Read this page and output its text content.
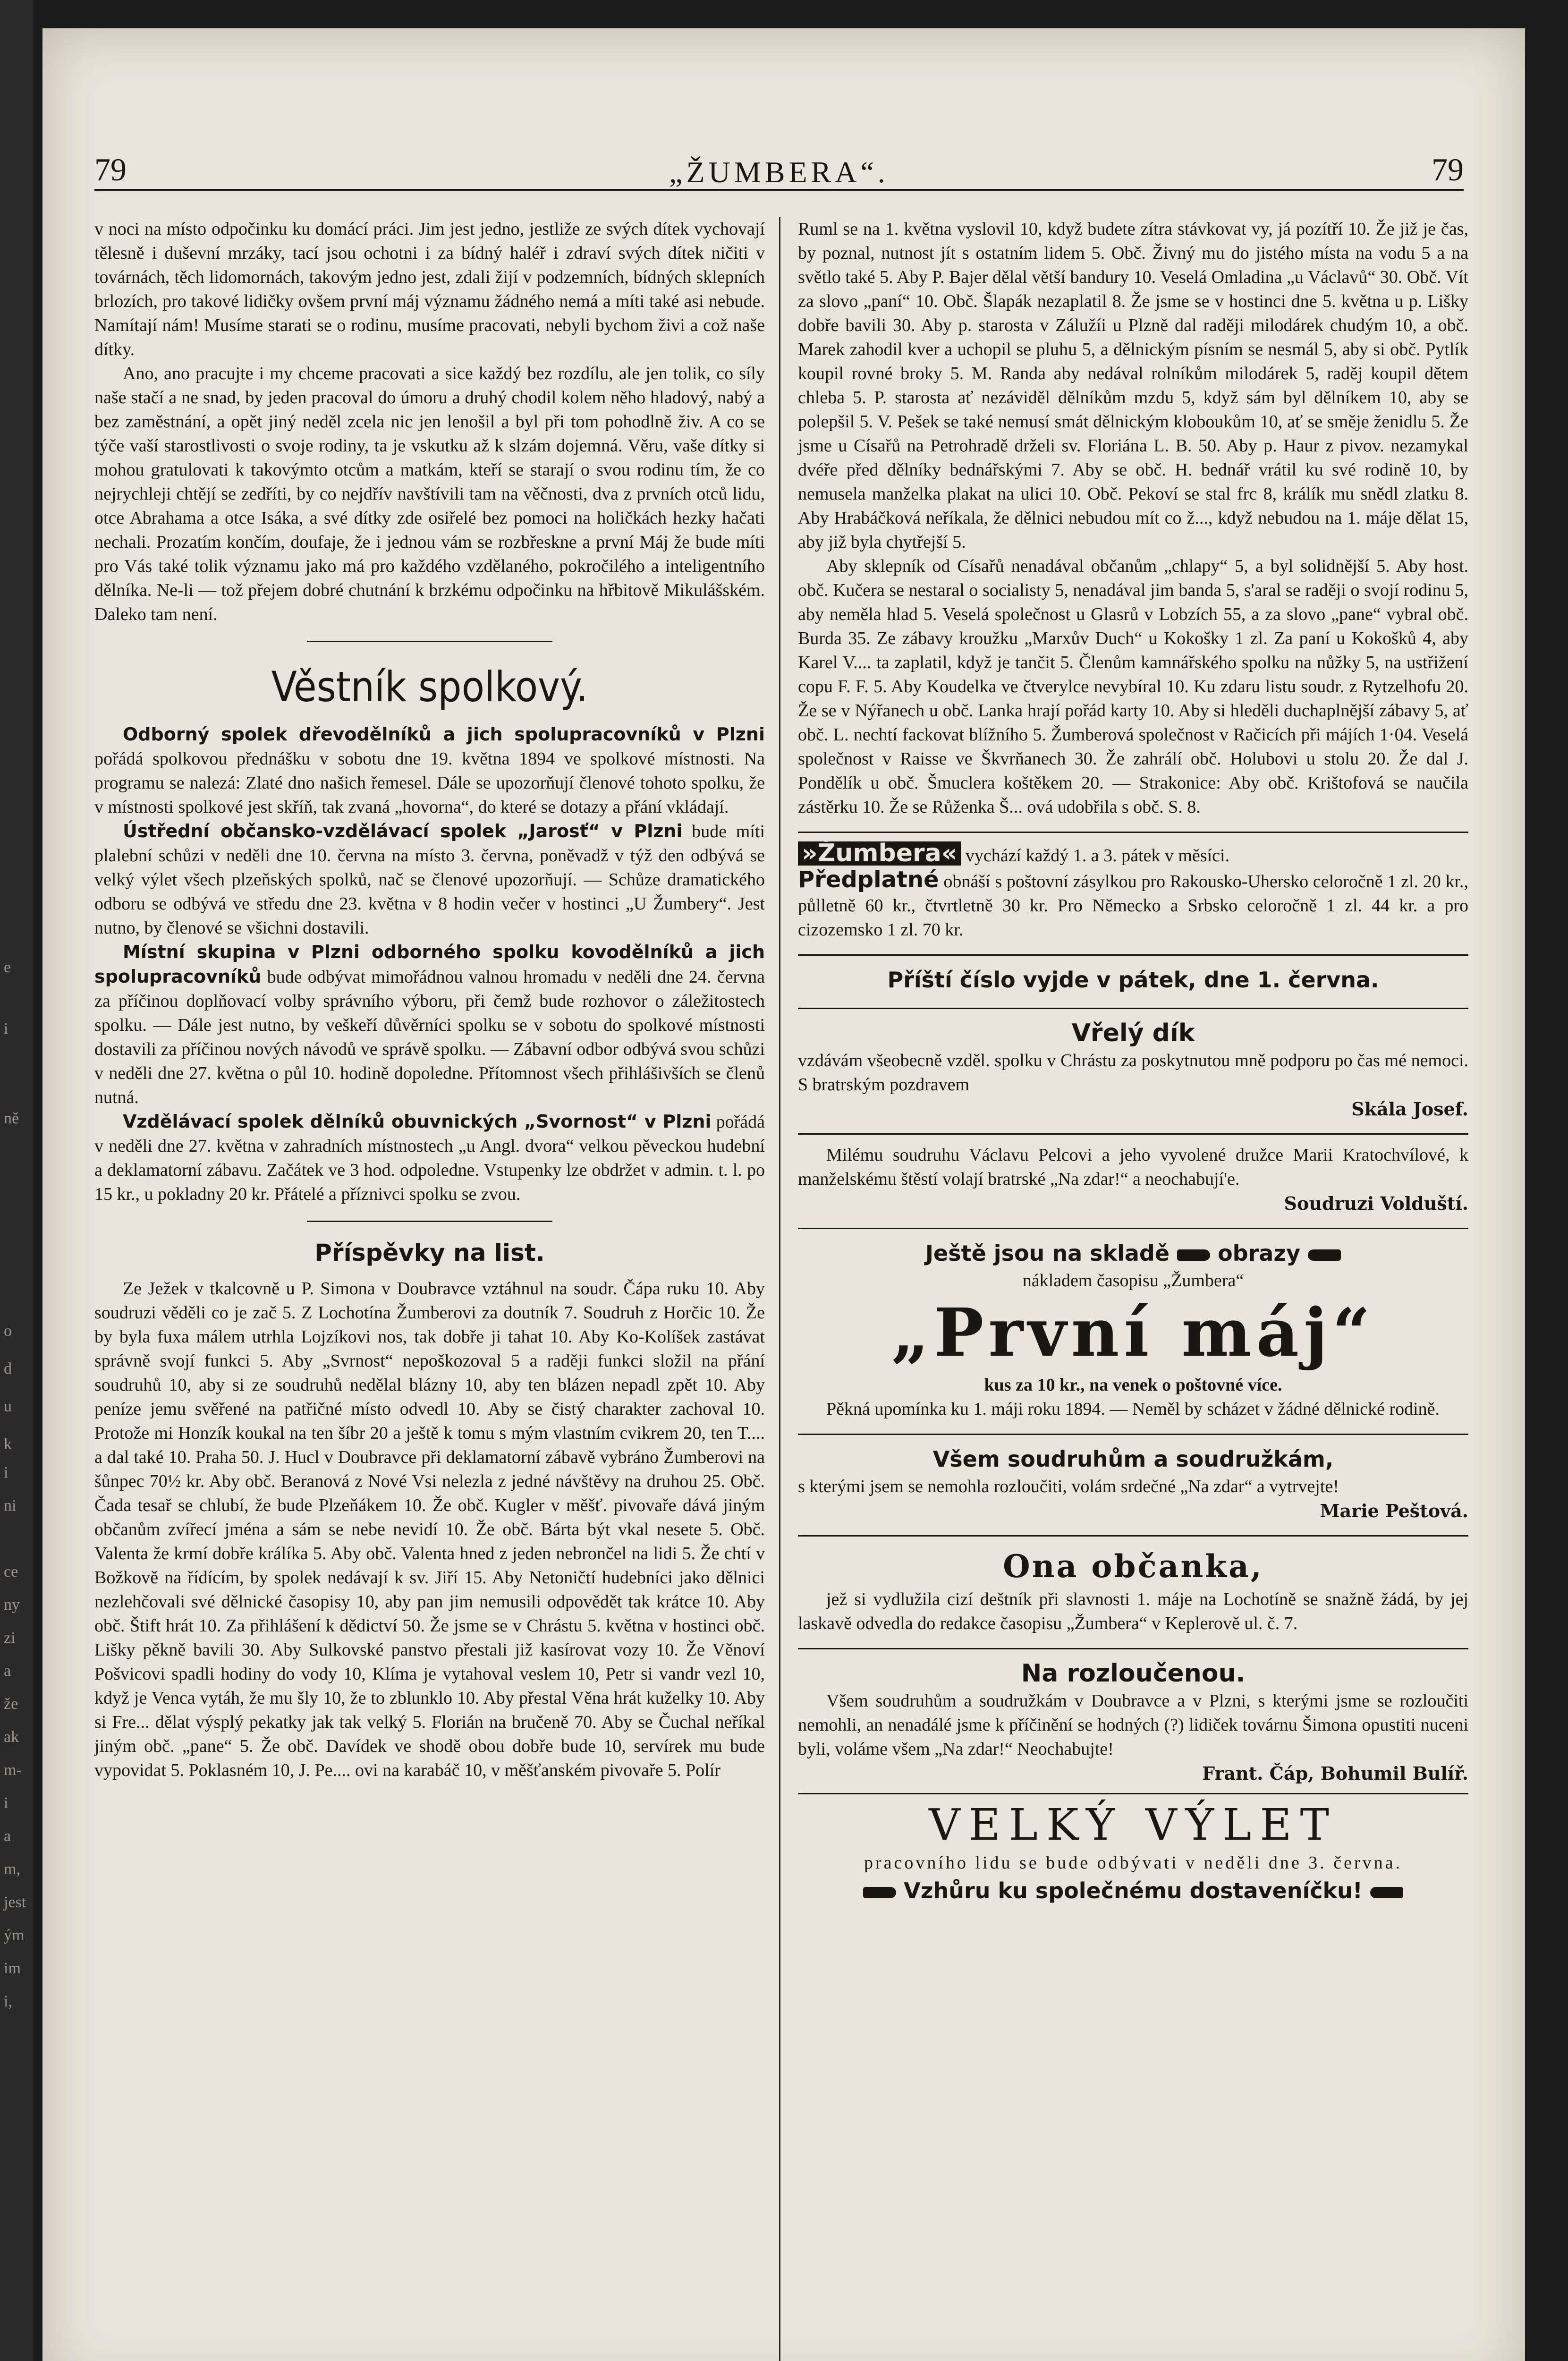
e
i
ně
o
d
u
k
i
ni
ce
ny
zi
a
že
ak
m-
i
a
m,
jest
ým
im
i,
79	„ŽUMBERA“.	79

v noci na místo odpočinku ku domácí práci. Jim jest jedno, jestliže ze svých dítek vychovají tělesně i duševní mrzáky, tací jsou ochotni i za bídný haléř i zdraví svých dítek ničiti v továrnách, těch lidomornách, takovým jedno jest, zdali žijí v podzemních, bídných sklepních brlozích, pro takové lidičky ovšem první máj významu žádného nemá a míti také asi nebude. Namítají nám! Musíme starati se o rodinu, musíme pracovati, nebyli bychom živi a což naše dítky.

Ano, ano pracujte i my chceme pracovati a sice každý bez rozdílu, ale jen tolik, co síly naše stačí a ne snad, by jeden pracoval do úmoru a druhý chodil kolem něho hladový, nabý a bez zaměstnání, a opět jiný neděl zcela nic jen lenošil a byl při tom pohodlně živ. A co se týče vaší starostlivosti o svoje rodiny, ta je vskutku až k slzám dojemná. Věru, vaše dítky si mohou gratulovati k takovýmto otcům a matkám, kteří se starají o svou rodinu tím, že co nejrychleji chtějí se zedříti, by co nejdřív navštívili tam na věčnosti, dva z prvních otců lidu, otce Abrahama a otce Isáka, a své dítky zde osiřelé bez pomoci na holičkách hezky hačati nechali. Prozatím končím, doufaje, že i jednou vám se rozbřeskne a první Máj že bude míti pro Vás také tolik významu jako má pro každého vzdělaného, pokročilého a inteligentního dělníka. Ne-li — tož přejem dobré chutnání k brzkému odpočinku na hřbitově Mikulášském. Daleko tam není.

Věstník spolkový.

Odborný spolek dřevodělníků a jich spolupracovníků v Plzni pořádá spolkovou přednášku v sobotu dne 19. května 1894 ve spolkové místnosti. Na programu se nalezá: Zlaté dno našich řemesel. Dále se upozorňují členové tohoto spolku, že v místnosti spolkové jest skříň, tak zvaná „hovorna“, do které se dotazy a přání vkládají.

Ústřední občansko-vzdělávací spolek „Jarosť“ v Plzni bude míti plalební schůzi v neděli dne 10. června na místo 3. června, poněvadž v týž den odbývá se velký výlet všech plzeňských spolků, nač se členové upozorňují. — Schůze dramatického odboru se odbývá ve středu dne 23. května v 8 hodin večer v hostinci „U Žumbery“. Jest nutno, by členové se všichni dostavili.

Místní skupina v Plzni odborného spolku kovodělníků a jich spolupracovníků bude odbývat mimořádnou valnou hromadu v neděli dne 24. června za příčinou doplňovací volby správního výboru, při čemž bude rozhovor o záležitostech spolku. — Dále jest nutno, by veškeří důvěrníci spolku se v sobotu do spolkové místnosti dostavili za příčinou nových návodů ve správě spolku. — Zábavní odbor odbývá svou schůzi v neděli dne 27. května o půl 10. hodině dopoledne. Přítomnost všech přihlášivších se členů nutná.

Vzdělávací spolek dělníků obuvnických „Svornost“ v Plzni pořádá v neděli dne 27. května v zahradních místnostech „u Angl. dvora“ velkou pěveckou hudební a deklamatorní zábavu. Začátek ve 3 hod. odpoledne. Vstupenky lze obdržet v admin. t. l. po 15 kr., u pokladny 20 kr. Přátelé a příznivci spolku se zvou.

Příspěvky na list.

Ze Ježek v tkalcovně u P. Simona v Doubravce vztáhnul na soudr. Čápa ruku 10. Aby soudruzi věděli co je zač 5. Z Lochotína Žumberovi za doutník 7. Soudruh z Horčic 10. Že by byla fuxa málem utrhla Lojzíkovi nos, tak dobře ji tahat 10. Aby Ko-Kolíšek zastávat správně svojí funkci 5. Aby „Svrnost“ nepoškozoval 5 a raději funkci složil na přání soudruhů 10, aby si ze soudruhů nedělal blázny 10, aby ten blázen nepadl zpět 10. Aby peníze jemu svěřené na patřičné místo odvedl 10. Aby se čistý charakter zachoval 10. Protože mi Honzík koukal na ten šíbr 20 a ještě k tomu s mým vlastním cvikrem 20, ten T.... a dal také 10. Praha 50. J. Hucl v Doubravce při deklamatorní zábavě vybráno Žumberovi na šůnpec 70½ kr. Aby obč. Beranová z Nové Vsi nelezla z jedné návštěvy na druhou 25. Obč. Čada tesař se chlubí, že bude Plzeňákem 10. Že obč. Kugler v měšť. pivovaře dává jiným občanům zvířecí jména a sám se nebe nevidí 10. Že obč. Bárta být vkal nesete 5. Obč. Valenta že krmí dobře králíka 5. Aby obč. Valenta hned z jeden nebrončel na lidi 5. Že chtí v Božkově na řídícím, by spolek nedávají k sv. Jiří 15. Aby Netoničtí hudebníci jako dělnici nezlehčovali své dělnické časopisy 10, aby pan jim nemusili odpovědět tak krátce 10. Aby obč. Štift hrát 10. Za přihlášení k dědictví 50. Že jsme se v Chrástu 5. května v hostinci obč. Lišky pěkně bavili 30. Aby Sulkovské panstvo přestali již kasírovat vozy 10. Že Věnoví Pošvicovi spadli hodiny do vody 10, Klíma je vytahoval veslem 10, Petr si vandr vezl 10, když je Venca vytáh, že mu šly 10, že to zblunklo 10. Aby přestal Věna hrát kuželky 10. Aby si Fre... dělat výsplý pekatky jak tak velký 5. Florián na bručeně 70. Aby se Čuchal neříkal jiným obč. „pane“ 5. Že obč. Davídek ve shodě obou dobře bude 10, servírek mu bude vypovidat 5. Poklasném 10, J. Pe.... ovi na karabáč 10, v měšťanském pivovaře 5. Polír

Ruml se na 1. května vyslovil 10, když budete zítra stávkovat vy, já pozítří 10. Že již je čas, by poznal, nutnost jít s ostatním lidem 5. Obč. Živný mu do jistého místa na vodu 5 a na světlo také 5. Aby P. Bajer dělal větší bandury 10. Veselá Omladina „u Václavů“ 30. Obč. Vít za slovo „paní“ 10. Obč. Šlapák nezaplatil 8. Že jsme se v hostinci dne 5. května u p. Lišky dobře bavili 30. Aby p. starosta v Zálužíi u Plzně dal raději milodárek chudým 10, a obč. Marek zahodil kver a uchopil se pluhu 5, a dělnickým písním se nesmál 5, aby si obč. Pytlík koupil rovné broky 5. M. Randa aby nedával rolníkům milodárek 5, raděj koupil dětem chleba 5. P. starosta ať nezáviděl dělníkům mzdu 5, když sám byl dělníkem 10, aby se polepšil 5. V. Pešek se také nemusí smát dělnickým kloboukům 10, ať se směje ženidlu 5. Že jsme u Císařů na Petrohradě drželi sv. Floriána L. B. 50. Aby p. Haur z pivov. nezamykal dvéře před dělníky bednářskými 7. Aby se obč. H. bednář vrátil ku své rodině 10, by nemusela manželka plakat na ulici 10. Obč. Pekoví se stal frc 8, králík mu snědl zlatku 8. Aby Hrabáčková neříkala, že dělnici nebudou mít co ž..., když nebudou na 1. máje dělat 15, aby již byla chytřejší 5.

Aby sklepník od Císařů nenadával občanům „chlapy“ 5, a byl solidnější 5. Aby host. obč. Kučera se nestaral o socialisty 5, nenadával jim banda 5, s'aral se raději o svojí rodinu 5, aby neměla hlad 5. Veselá společnost u Glasrů v Lobzích 55, a za slovo „pane“ vybral obč. Burda 35. Ze zábavy kroužku „Marxův Duch“ u Kokošky 1 zl. Za paní u Kokošků 4, aby Karel V.... ta zaplatil, když je tančit 5. Členům kamnářského spolku na nůžky 5, na ustřižení copu F. F. 5. Aby Koudelka ve čtverylce nevybíral 10. Ku zdaru listu soudr. z Rytzelhofu 20. Že se v Nýřanech u obč. Lanka hrají pořád karty 10. Aby si hleděli duchaplnější zábavy 5, ať obč. L. nechtí fackovat blížního 5. Žumberová společnost v Račicích při májích 1·04. Veselá společnost v Raisse ve Škvrňanech 30. Že zahrálí obč. Holubovi u stolu 20. Že dal J. Pondělík u obč. Šmuclera koštěkem 20. — Strakonice: Aby obč. Krištofová se naučila zástěrku 10. Že se Růženka Š... ová udobřila s obč. S. 8.

»Žumbera« vychází každý 1. a 3. pátek v měsíci.

Předplatné obnáší s poštovní zásylkou pro Rakousko-Uhersko celoročně 1 zl. 20 kr., půlletně 60 kr., čtvrtletně 30 kr. Pro Německo a Srbsko celoročně 1 zl. 44 kr. a pro cizozemsko 1 zl. 70 kr.

Příští číslo vyjde v pátek, dne 1. června.
Vřelý dík

vzdávám všeobecně vzděl. spolku v Chrástu za poskytnutou mně podporu po čas mé nemoci. S bratrským pozdravem

Skála Josef.

Milému soudruhu Václavu Pelcovi a jeho vyvolené družce Marii Kratochvílové, k manželskému štěstí volají bratrské „Na zdar!“ a neochabují'e.

Soudruzi Volduští.
Ještě jsou na skladě obrazy
nákladem časopisu „Žumbera“
„První máj“
kus za 10 kr., na venek o poštovné více.

Pěkná upomínka ku 1. máji roku 1894. — Neměl by scházet v žádné dělnické rodině.

Všem soudruhům a soudružkám,

s kterými jsem se nemohla rozloučiti, volám srdečné „Na zdar“ a vytrvejte!

Marie Peštová.
Ona občanka,

jež si vydlužila cizí deštník při slavnosti 1. máje na Lochotíně se snažně žádá, by jej laskavě odvedla do redakce časopisu „Žumbera“ v Keplerově ul. č. 7.

Na rozloučenou.

Všem soudruhům a soudružkám v Doubravce a v Plzni, s kterými jsme se rozloučiti nemohli, an nenadálé jsme k příčinění se hodných (?) lidiček továrnu Šimona opustiti nuceni byli, voláme všem „Na zdar!“ Neochabujte!

Frant. Čáp, Bohumil Bulíř.
VELKÝ VÝLET
pracovního lidu se bude odbývati v neděli dne 3. června.
Vzhůru ku společnému dostaveníčku!
